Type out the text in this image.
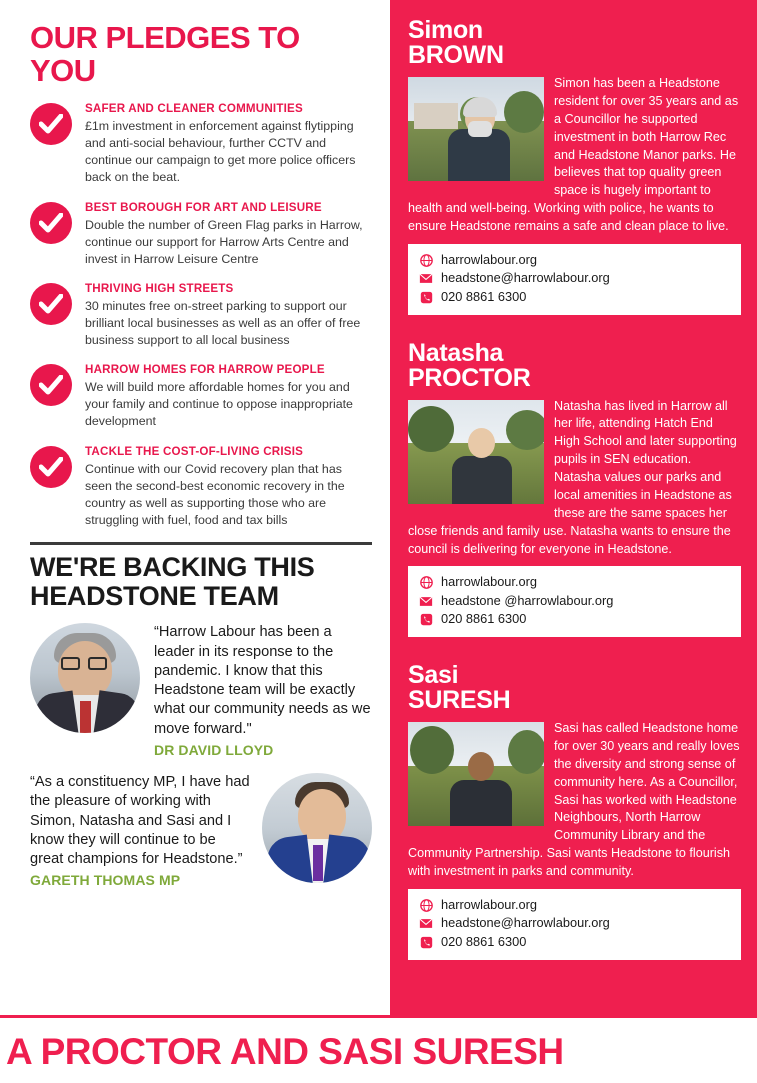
OUR PLEDGES TO YOU
SAFER AND CLEANER COMMUNITIES
£1m investment in enforcement against flytipping and anti-social behaviour, further CCTV and continue our campaign to get more police officers back on the beat.
BEST BOROUGH FOR ART AND LEISURE
Double the number of Green Flag parks in Harrow, continue our support for Harrow Arts Centre and invest in Harrow Leisure Centre
THRIVING HIGH STREETS
30 minutes free on-street parking to support our brilliant local businesses as well as an offer of free business support to all local business
HARROW HOMES FOR HARROW PEOPLE
We will build more affordable homes for you and your family and continue to oppose inappropriate development
TACKLE THE COST-OF-LIVING CRISIS
Continue with our Covid recovery plan that has seen the second-best economic recovery in the country as well as supporting those who are struggling with fuel, food and tax bills
WE'RE BACKING THIS HEADSTONE TEAM
“Harrow Labour has been a leader in its response to the pandemic. I know that this Headstone team will be exactly what our community needs as we move forward."
DR DAVID LLOYD
“As a constituency MP, I have had the pleasure of working with Simon, Natasha and Sasi and I know they will continue to be great champions for Headstone.”
GARETH THOMAS MP
Simon
BROWN
Simon has been a Headstone resident for over 35 years and as a Councillor he supported investment in both Harrow Rec and Headstone Manor parks. He believes that top quality green space is hugely important to health and well-being. Working with police, he wants to ensure Headstone remains a safe and clean place to live.
harrowlabour.org
headstone@harrowlabour.org
020 8861 6300
Natasha
PROCTOR
Natasha has lived in Harrow all her life, attending Hatch End High School and later supporting pupils in SEN education. Natasha values our parks and local amenities in Headstone as these are the same spaces her close friends and family use. Natasha wants to ensure the council is delivering for everyone in Headstone.
harrowlabour.org
headstone @harrowlabour.org
020 8861 6300
Sasi
SURESH
Sasi has called Headstone home for over 30 years and really loves the diversity and strong sense of community here. As a Councillor, Sasi has worked with Headstone Neighbours, North Harrow Community Library and the Community Partnership. Sasi wants Headstone to flourish with investment in parks and community.
harrowlabour.org
headstone@harrowlabour.org
020 8861 6300
A PROCTOR AND SASI SURESH
